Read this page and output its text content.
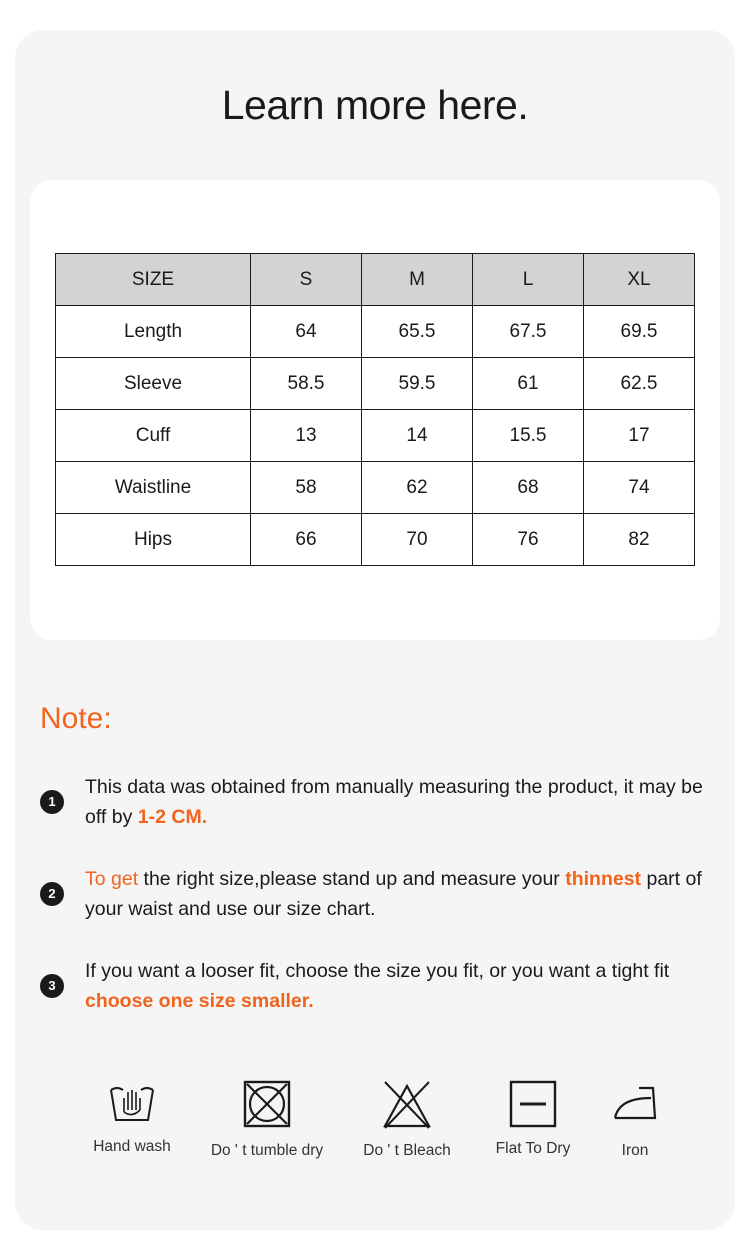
Learn more here.
SIZE	S	M	L	XL
Length	64	65.5	67.5	69.5
Sleeve	58.5	59.5	61	62.5
Cuff	13	14	15.5	17
Waistline	58	62	68	74
Hips	66	70	76	82
Note:
1
This data was obtained from manually measuring the product, it may be off by 1-2 CM.
2
To get the right size,please stand up and measure your thinnest part of your waist and use our size chart.
3
If you want a looser fit, choose the size you fit, or you want a tight fit choose one size smaller.
Hand wash	Do ' t tumble dry	Do ' t Bleach	Flat To Dry	Iron
